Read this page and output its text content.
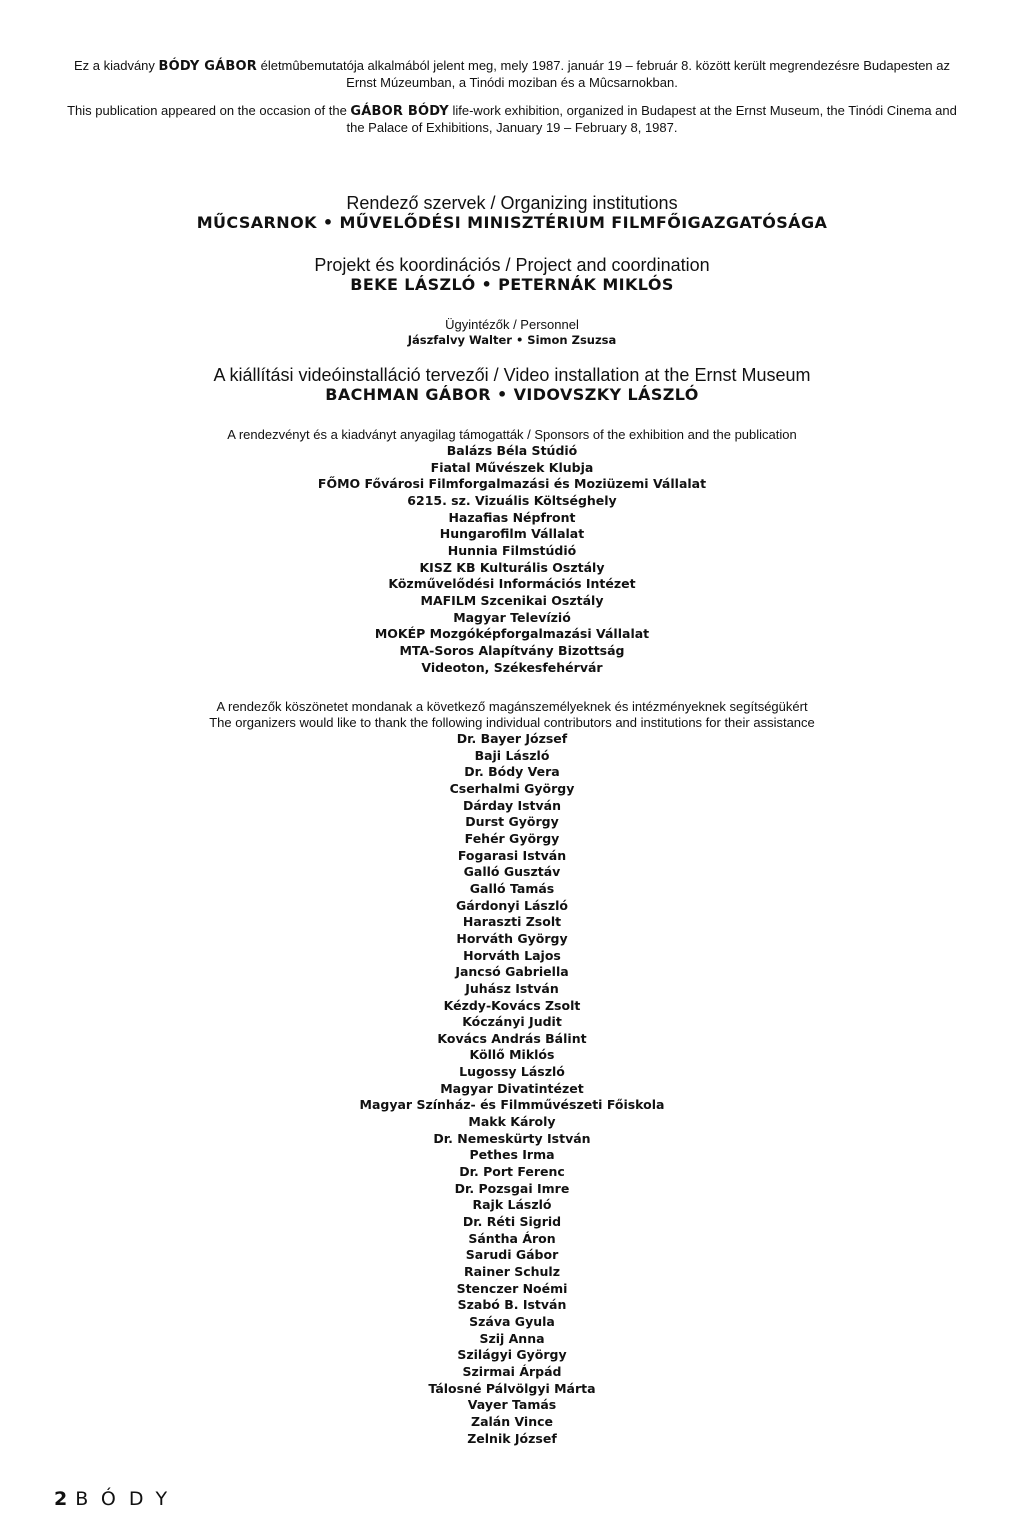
Ez a kiadvány BÓDY GÁBOR életmûbemutatója alkalmából jelent meg, mely 1987. január 19 – február 8. között került megrendezésre Budapesten az Ernst Múzeumban, a Tinódi moziban és a Mûcsarnokban.

This publication appeared on the occasion of the GÁBOR BÓDY life-work exhibition, organized in Budapest at the Ernst Museum, the Tinódi Cinema and the Palace of Exhibitions, January 19 – February 8, 1987.

Rendező szervek / Organizing institutions
MŰCSARNOK • MŰVELŐDÉSI MINISZTÉRIUM FILMFŐIGAZGATÓSÁGA
Projekt és koordinációs / Project and coordination
BEKE LÁSZLÓ • PETERNÁK MIKLÓS
Ügyintézők / Personnel
Jászfalvy Walter • Simon Zsuzsa
A kiállítási videóinstalláció tervezői / Video installation at the Ernst Museum
BACHMAN GÁBOR • VIDOVSZKY LÁSZLÓ
A rendezvényt és a kiadványt anyagilag támogatták / Sponsors of the exhibition and the publication
Balázs Béla Stúdió
Fiatal Művészek Klubja
FŐMO Fővárosi Filmforgalmazási és Moziüzemi Vállalat
6215. sz. Vizuális Költséghely
Hazafias Népfront
Hungarofilm Vállalat
Hunnia Filmstúdió
KISZ KB Kulturális Osztály
Közművelődési Információs Intézet
MAFILM Szcenikai Osztály
Magyar Televízió
MOKÉP Mozgóképforgalmazási Vállalat
MTA-Soros Alapítvány Bizottság
Videoton, Székesfehérvár
A rendezők köszönetet mondanak a következő magánszemélyeknek és intézményeknek segítségükért
The organizers would like to thank the following individual contributors and institutions for their assistance
Dr. Bayer József
Baji László
Dr. Bódy Vera
Cserhalmi György
Dárday István
Durst György
Fehér György
Fogarasi István
Galló Gusztáv
Galló Tamás
Gárdonyi László
Haraszti Zsolt
Horváth György
Horváth Lajos
Jancsó Gabriella
Juhász István
Kézdy-Kovács Zsolt
Kóczányi Judit
Kovács András Bálint
Köllő Miklós
Lugossy László
Magyar Divatintézet
Magyar Színház- és Filmművészeti Főiskola
Makk Károly
Dr. Nemeskürty István
Pethes Irma
Dr. Port Ferenc
Dr. Pozsgai Imre
Rajk László
Dr. Réti Sigrid
Sántha Áron
Sarudi Gábor
Rainer Schulz
Stenczer Noémi
Szabó B. István
Száva Gyula
Szij Anna
Szilágyi György
Szirmai Árpád
Tálosné Pálvölgyi Márta
Vayer Tamás
Zalán Vince
Zelnik József
2 BÓDY
